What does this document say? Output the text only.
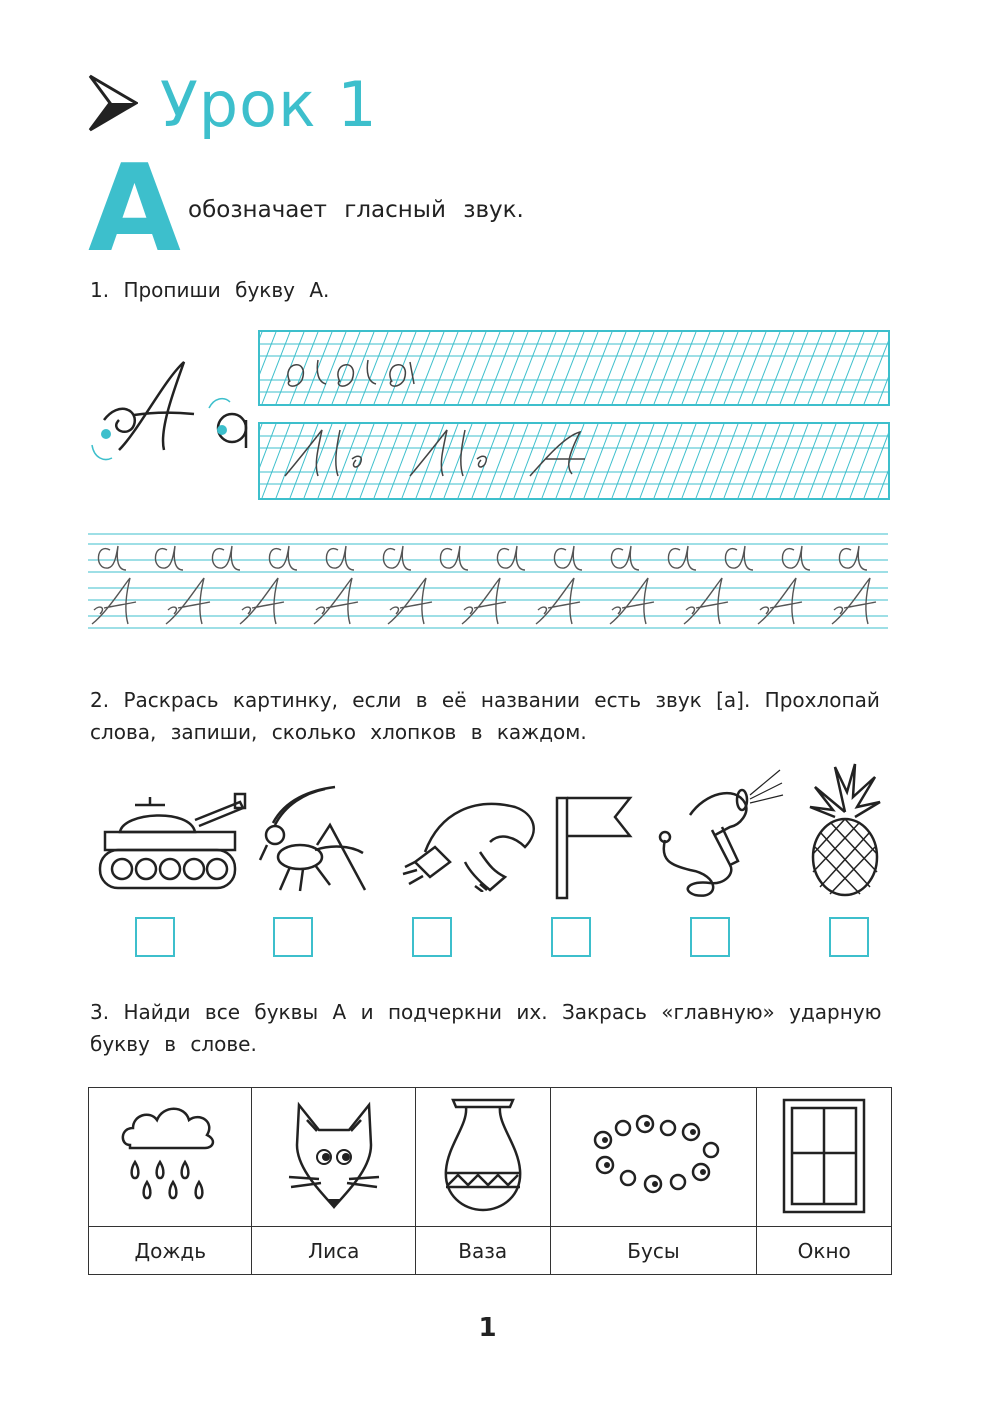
Урок 1
А обозначает гласный звук.
1. Пропиши букву А.
2. Раскрась картинку, если в её названии есть звук [а]. Прохлопай слова, запиши, сколько хлопков в каждом.
3. Найди все буквы А и подчеркни их. Закрась «главную» ударную букву в слове.

Дождь	Лиса	Ваза	Бусы	Окно
1
